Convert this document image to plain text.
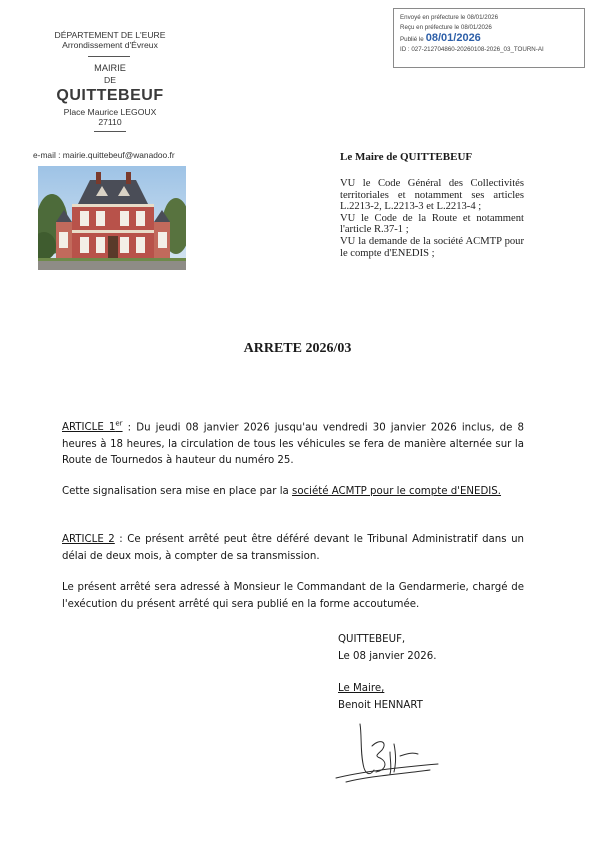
Envoyé en préfecture le 08/01/2026
Reçu en préfecture le 08/01/2026
Publié le 08/01/2026
ID : 027-212704860-20260108-2026_03_TOURN-AI
DÉPARTEMENT DE L'EURE
Arrondissement d'Évreux
MAIRIE
DE
QUITTEBEUF
Place Maurice LEGOUX
27110
e-mail : mairie.quittebeuf@wanadoo.fr	Le Maire de QUITTEBEUF

VU le Code Général des Collectivités territoriales et notamment ses articles L.2213-2, L.2213-3 et L.2213-4 ;

VU le Code de la Route et notamment l'article R.37-1 ;

VU la demande de la société ACMTP pour le compte d'ENEDIS ;

ARRETE 2026/03
ARTICLE 1er : Du jeudi 08 janvier 2026 jusqu'au vendredi 30 janvier 2026 inclus, de 8 heures à 18 heures, la circulation de tous les véhicules se fera de manière alternée sur la Route de Tournedos à hauteur du numéro 25.
Cette signalisation sera mise en place par la société ACMTP pour le compte d'ENEDIS.
ARTICLE 2 : Ce présent arrêté peut être déféré devant le Tribunal Administratif dans un délai de deux mois, à compter de sa transmission.
Le présent arrêté sera adressé à Monsieur le Commandant de la Gendarmerie, chargé de l'exécution du présent arrêté qui sera publié en la forme accoutumée.
QUITTEBEUF,
Le 08 janvier 2026.
Le Maire,
Benoit HENNART
